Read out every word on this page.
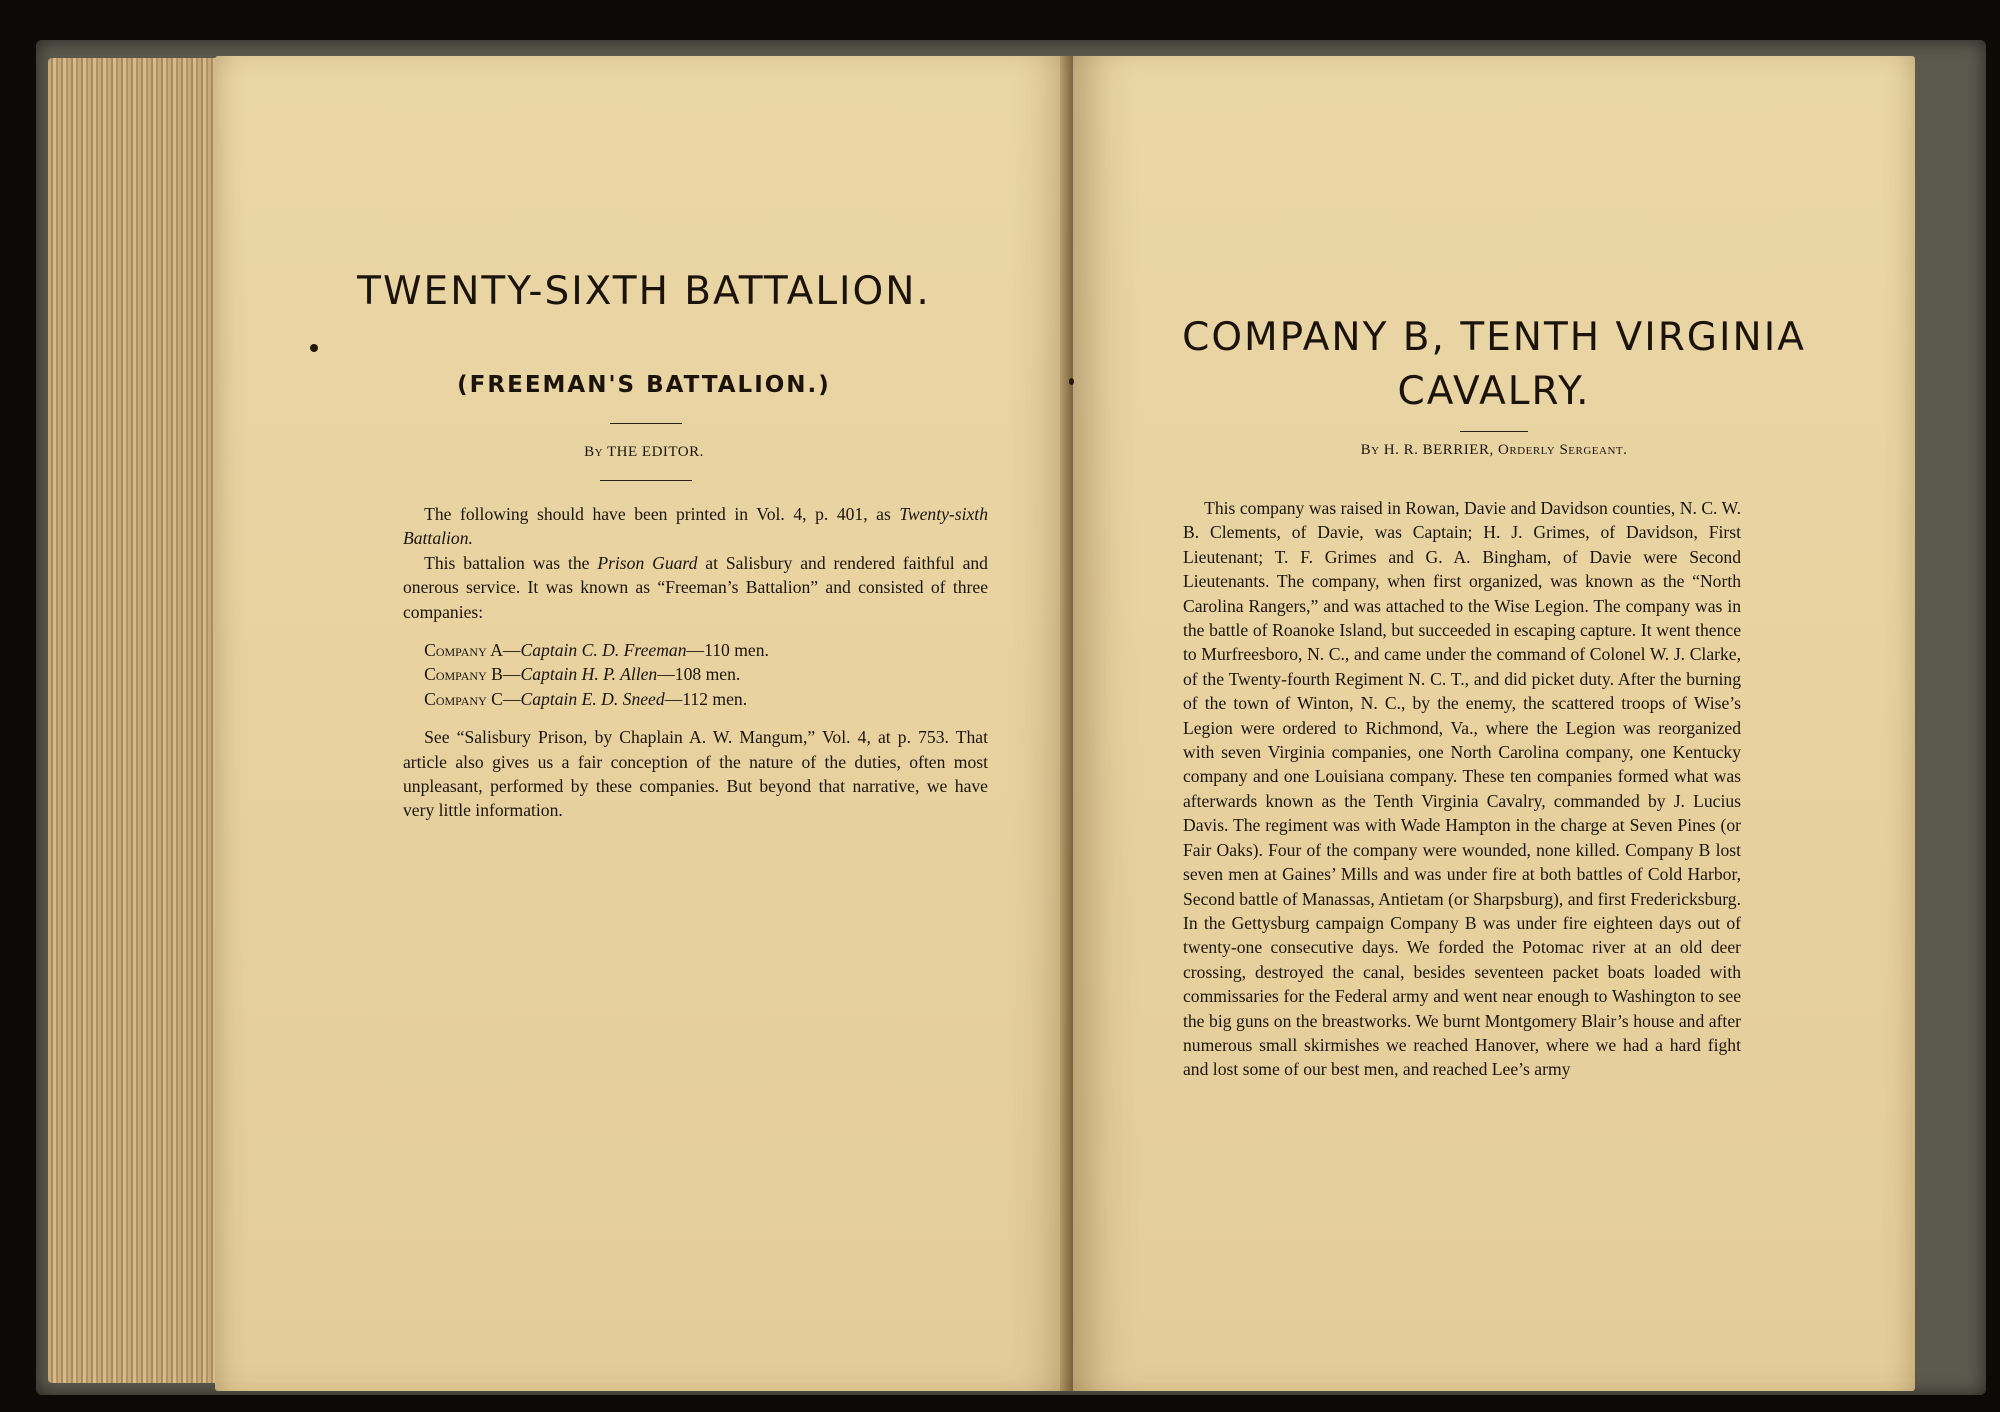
TWENTY-SIXTH BATTALION.
(FREEMAN'S BATTALION.)

By THE EDITOR.

The following should have been printed in Vol. 4, p. 401, as Twenty-sixth Battalion.

This battalion was the Prison Guard at Salisbury and rendered faithful and onerous service. It was known as “Freeman’s Battalion” and consisted of three companies:

Company A—Captain C. D. Freeman—110 men.
Company B—Captain H. P. Allen—108 men.
Company C—Captain E. D. Sneed—112 men.

See “Salisbury Prison, by Chaplain A. W. Mangum,” Vol. 4, at p. 753. That article also gives us a fair conception of the nature of the duties, often most unpleasant, performed by these companies. But beyond that narrative, we have very little information.

COMPANY B, TENTH VIRGINIA
CAVALRY.

By H. R. BERRIER, Orderly Sergeant.

This company was raised in Rowan, Davie and Davidson counties, N. C. W. B. Clements, of Davie, was Captain; H. J. Grimes, of Davidson, First Lieutenant; T. F. Grimes and G. A. Bingham, of Davie were Second Lieutenants. The company, when first organized, was known as the “North Carolina Rangers,” and was attached to the Wise Legion. The company was in the battle of Roanoke Island, but succeeded in escaping capture. It went thence to Murfreesboro, N. C., and came under the command of Colonel W. J. Clarke, of the Twenty-fourth Regiment N. C. T., and did picket duty. After the burning of the town of Winton, N. C., by the enemy, the scattered troops of Wise’s Legion were ordered to Richmond, Va., where the Legion was reorganized with seven Virginia companies, one North Carolina company, one Kentucky company and one Louisiana company. These ten companies formed what was afterwards known as the Tenth Virginia Cavalry, commanded by J. Lucius Davis. The regiment was with Wade Hampton in the charge at Seven Pines (or Fair Oaks). Four of the company were wounded, none killed. Company B lost seven men at Gaines’ Mills and was under fire at both battles of Cold Harbor, Second battle of Manassas, Antietam (or Sharpsburg), and first Fredericksburg. In the Gettysburg campaign Company B was under fire eighteen days out of twenty-one consecutive days. We forded the Potomac river at an old deer crossing, destroyed the canal, besides seventeen packet boats loaded with commissaries for the Federal army and went near enough to Washington to see the big guns on the breastworks. We burnt Montgomery Blair’s house and after numerous small skirmishes we reached Hanover, where we had a hard fight and lost some of our best men, and reached Lee’s army
